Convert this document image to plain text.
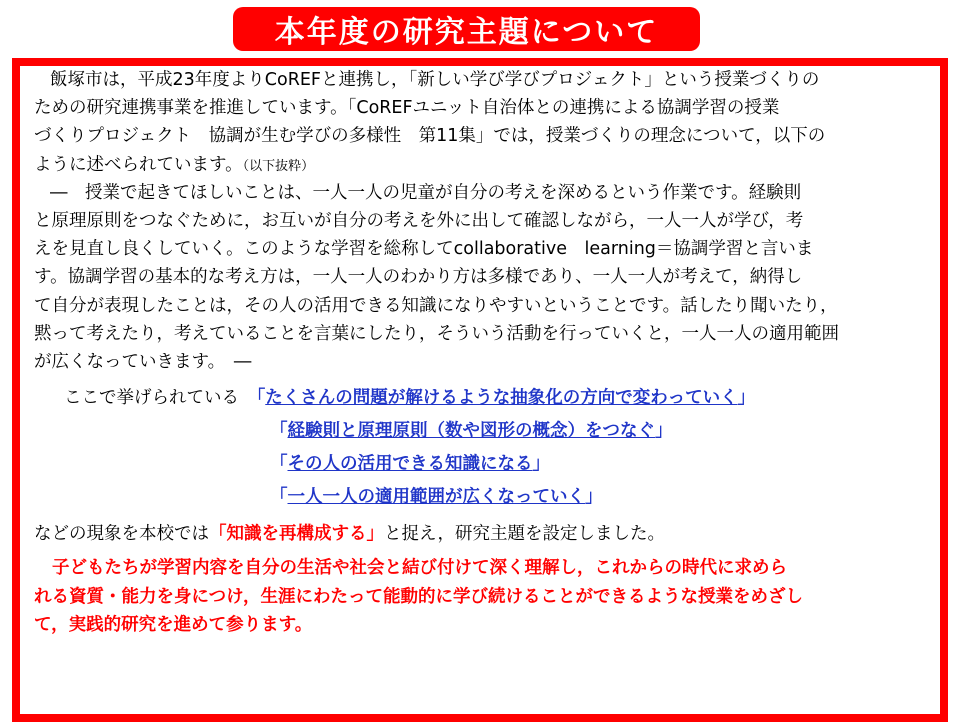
本年度の研究主題について
飯塚市は，平成23年度よりCoREFと連携し，「新しい学び学びプロジェクト」という授業づくりの
ための研究連携事業を推進しています。「CoREFユニット自治体との連携による協調学習の授業
づくりプロジェクト　協調が生む学びの多様性　第11集」では，授業づくりの理念について，以下の
ように述べられています。（以下抜粋）
―　授業で起きてほしいことは、一人一人の児童が自分の考えを深めるという作業です。経験則
と原理原則をつなぐために，お互いが自分の考えを外に出して確認しながら，一人一人が学び，考
えを見直し良くしていく。このような学習を総称してcollaborative　learning＝協調学習と言いま
す。協調学習の基本的な考え方は，一人一人のわかり方は多様であり、一人一人が考えて，納得し
て自分が表現したことは，その人の活用できる知識になりやすいということです。話したり聞いたり，
黙って考えたり，考えていることを言葉にしたり，そういう活動を行っていくと，一人一人の適用範囲
が広くなっていきます。　―
ここで挙げられている　「たくさんの問題が解けるような抽象化の方向で変わっていく」
「経験則と原理原則（数や図形の概念）をつなぐ」
「その人の活用できる知識になる」
「一人一人の適用範囲が広くなっていく」
などの現象を本校では「知識を再構成する」と捉え，研究主題を設定しました。
子どもたちが学習内容を自分の生活や社会と結び付けて深く理解し，これからの時代に求めら
れる資質・能力を身につけ，生涯にわたって能動的に学び続けることができるような授業をめざし
て，実践的研究を進めて参ります。
